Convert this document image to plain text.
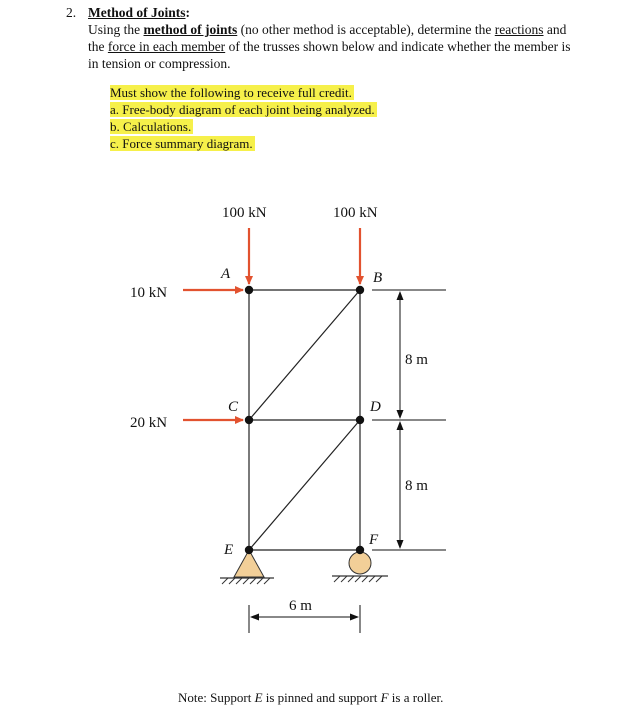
2. Method of Joints:
Using the method of joints (no other method is acceptable), determine the reactions and
the force in each member of the trusses shown below and indicate whether the member is
in tension or compression.
Must show the following to receive full credit.
a. Free-body diagram of each joint being analyzed.
b. Calculations.
c. Force summary diagram.
100 kN	100 kN
10 kN
20 kN
A	B
C	D
E
F
8 m
8 m
6 m
Note: Support E is pinned and support F is a roller.
